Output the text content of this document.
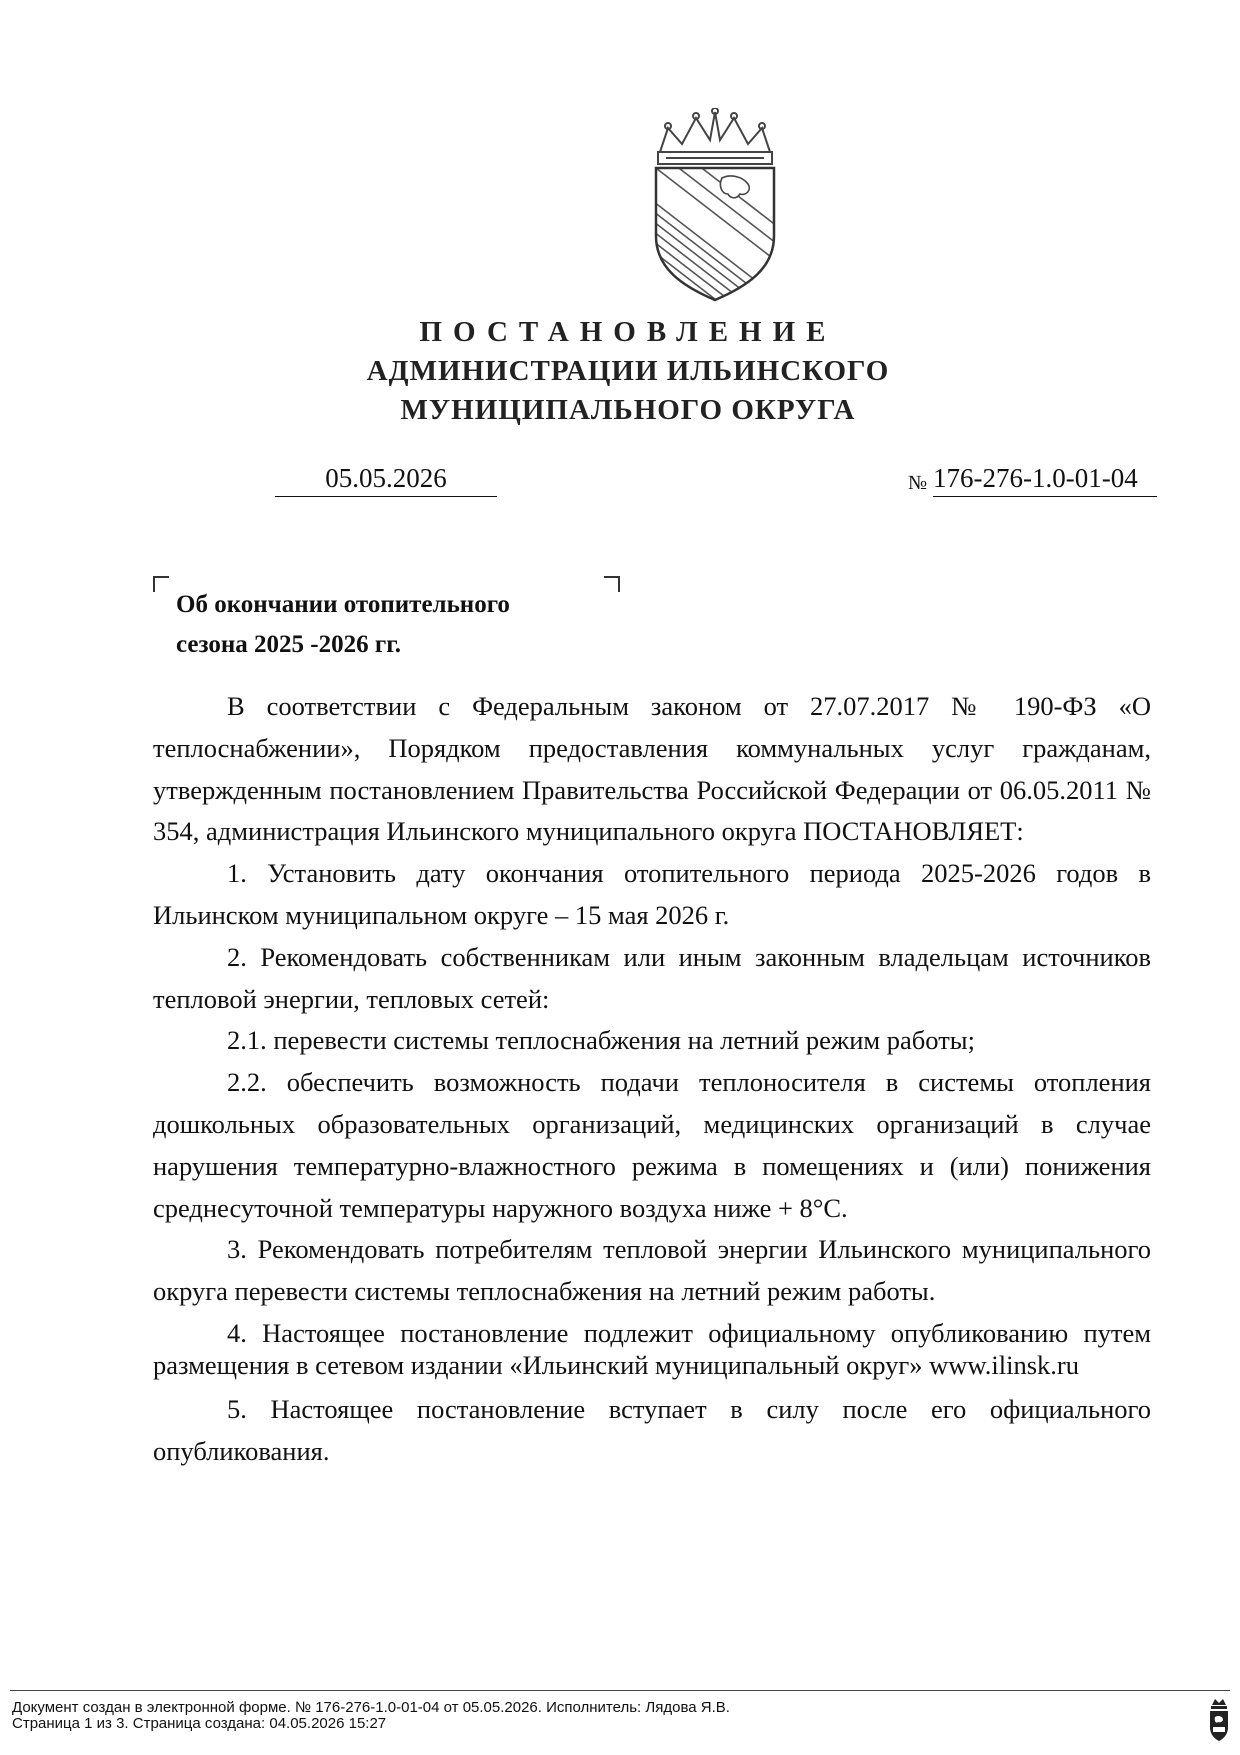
ПОСТАНОВЛЕНИЕ
АДМИНИСТРАЦИИ ИЛЬИНСКОГО
МУНИЦИПАЛЬНОГО ОКРУГА
05.05.2026	№ 176-276-1.0-01-04
Об окончании отопительного
сезона 2025 -2026 гг.

В соответствии с Федеральным законом от 27.07.2017 № 190-ФЗ «О теплоснабжении», Порядком предоставления коммунальных услуг гражданам, утвержденным постановлением Правительства Российской Федерации от 06.05.2011 № 354, администрация Ильинского муниципального округа ПОСТАНОВЛЯЕТ:

1. Установить дату окончания отопительного периода 2025-2026 годов в Ильинском муниципальном округе – 15 мая 2026 г.

2. Рекомендовать собственникам или иным законным владельцам источников тепловой энергии, тепловых сетей:

2.1. перевести системы теплоснабжения на летний режим работы;

2.2. обеспечить возможность подачи теплоносителя в системы отопления дошкольных образовательных организаций, медицинских организаций в случае нарушения температурно-влажностного режима в помещениях и (или) понижения среднесуточной температуры наружного воздуха ниже + 8°С.

3. Рекомендовать потребителям тепловой энергии Ильинского муниципального округа перевести системы теплоснабжения на летний режим работы.

4. Настоящее постановление подлежит официальному опубликованию путем размещения в сетевом издании «Ильинский муниципальный округ» www.ilinsk.ru

5. Настоящее постановление вступает в силу после его официального опубликования.

Документ создан в электронной форме. № 176-276-1.0-01-04 от 05.05.2026. Исполнитель: Лядова Я.В.
Страница 1 из 3. Страница создана: 04.05.2026 15:27
